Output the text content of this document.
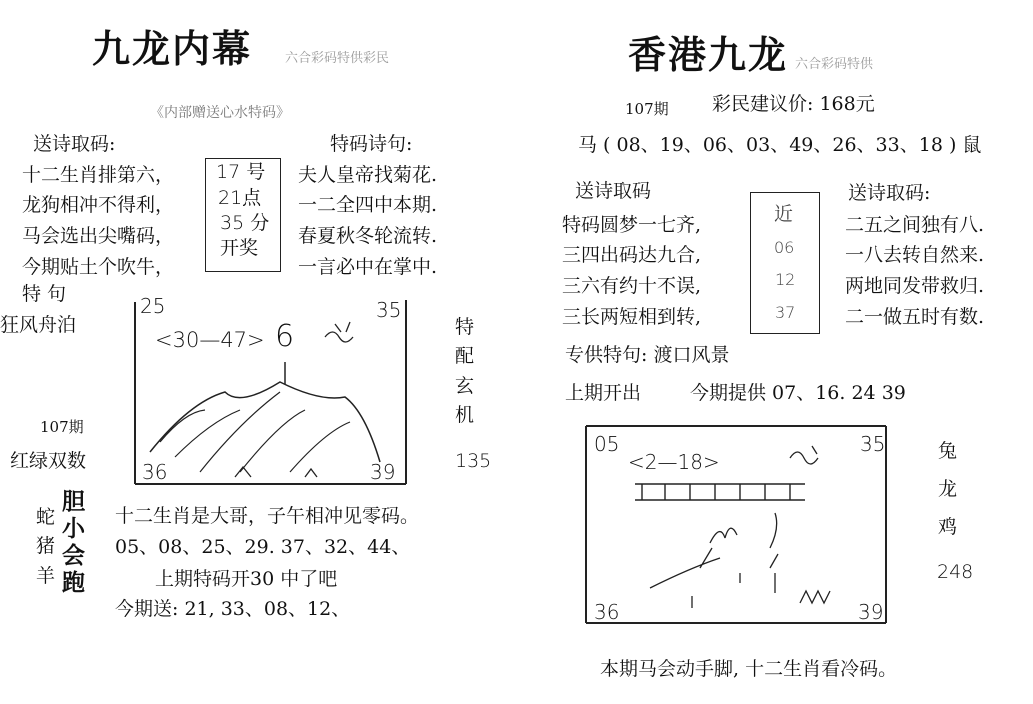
九龙内幕	六合彩码特供彩民
《内部赠送心水特码》
送诗取码:	特码诗句:
十二生肖排第六，
龙狗相冲不得利，
马会选出尖嘴码，
今期贴土个吹牛，
17 号
21点
35 分
开奖
夫人皇帝找菊花.
一二全四中本期.
春夏秋冬轮流转.
一言必中在掌中.
特 句
狂风舟泊
107期
红绿双数
25	35
<30—47> 6
36	39
特
配
玄
机
135
蛇
猪
羊
胆
小
会
跑
十二生肖是大哥，子午相冲见零码。
05、08、25、29. 37、32、44、
上期特码开30 中了吧
今期送: 21, 33、08、12、
香港九龙 六合彩码特供
107期 彩民建议价: 168元
马 ( 08、19、06、03、49、26、33、18 ) 鼠
送诗取码	送诗取码:
特码圆梦一七齐,
三四出码达九合,
三六有约十不误,
三长两短相到转,
近
06
12
37
二五之间独有八.
一八去转自然来.
两地同发带救归.
二一做五时有数.
专供特句: 渡口风景
上期开出	今期提供 07、16. 24 39
05	35
<2—18>
36	39
兔
龙
鸡
248
本期马会动手脚, 十二生肖看冷码。
